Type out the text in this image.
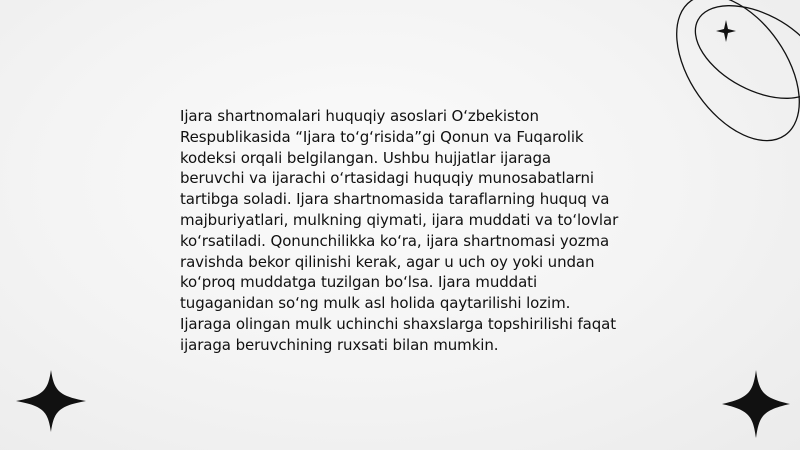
Ijara shartnomalari huquqiy asoslari O‘zbekiston Respublikasida “Ijara to‘g‘risida”gi Qonun va Fuqarolik kodeksi orqali belgilangan. Ushbu hujjatlar ijaraga beruvchi va ijarachi o‘rtasidagi huquqiy munosabatlarni tartibga soladi. Ijara shartnomasida taraflarning huquq va majburiyatlari, mulkning qiymati, ijara muddati va to‘lovlar ko‘rsatiladi. Qonunchilikka ko‘ra, ijara shartnomasi yozma ravishda bekor qilinishi kerak, agar u uch oy yoki undan ko‘proq muddatga tuzilgan bo‘lsa. Ijara muddati tugaganidan so‘ng mulk asl holida qaytarilishi lozim. Ijaraga olingan mulk uchinchi shaxslarga topshirilishi faqat ijaraga beruvchining ruxsati bilan mumkin.
